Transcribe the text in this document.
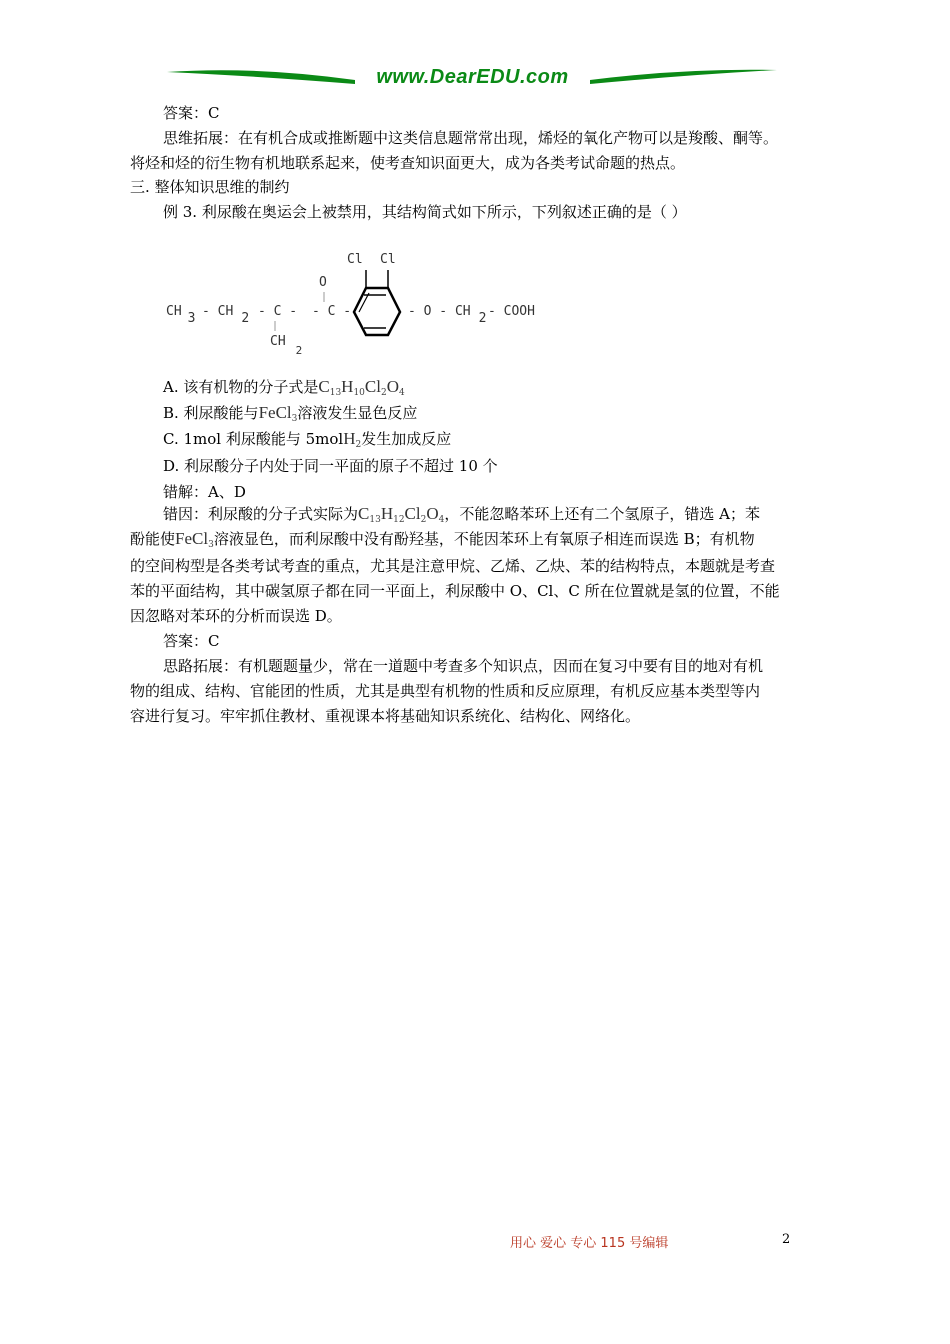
www.DearEDU.com
答案：C
思维拓展：在有机合成或推断题中这类信息题常常出现，烯烃的氧化产物可以是羧酸、酮等。
将烃和烃的衍生物有机地联系起来，使考查知识面更大，成为各类考试命题的热点。
三. 整体知识思维的制约
例 3. 利尿酸在奥运会上被禁用，其结构简式如下所示，下列叙述正确的是（ ）
Cl Cl
O
CH 3 - CH 2 - C - - C -
$CH_2$
- O - CH 2 - COOH
A. 该有机物的分子式是$C_{13}H_{10}Cl_2O_4$
B. 利尿酸能与FeCl$_3$溶液发生显色反应
C. 1mol 利尿酸能与 5molH$_2$发生加成反应
D. 利尿酸分子内处于同一平面的原子不超过 10 个
错解：A、D
错因：利尿酸的分子式实际为$C_{13}H_{12}Cl_2O_4$，不能忽略苯环上还有二个氢原子，错选 A；苯
酚能使FeCl$_3$溶液显色，而利尿酸中没有酚羟基，不能因苯环上有氧原子相连而误选 B；有机物
的空间构型是各类考试考查的重点，尤其是注意甲烷、乙烯、乙炔、苯的结构特点，本题就是考查
苯的平面结构，其中碳氢原子都在同一平面上，利尿酸中 O、Cl、C 所在位置就是氢的位置，不能
因忽略对苯环的分析而误选 D。
答案：C
思路拓展：有机题题量少，常在一道题中考查多个知识点，因而在复习中要有目的地对有机
物的组成、结构、官能团的性质，尤其是典型有机物的性质和反应原理，有机反应基本类型等内
容进行复习。牢牢抓住教材、重视课本将基础知识系统化、结构化、网络化。
用心 爱心 专心 115 号编辑	2
